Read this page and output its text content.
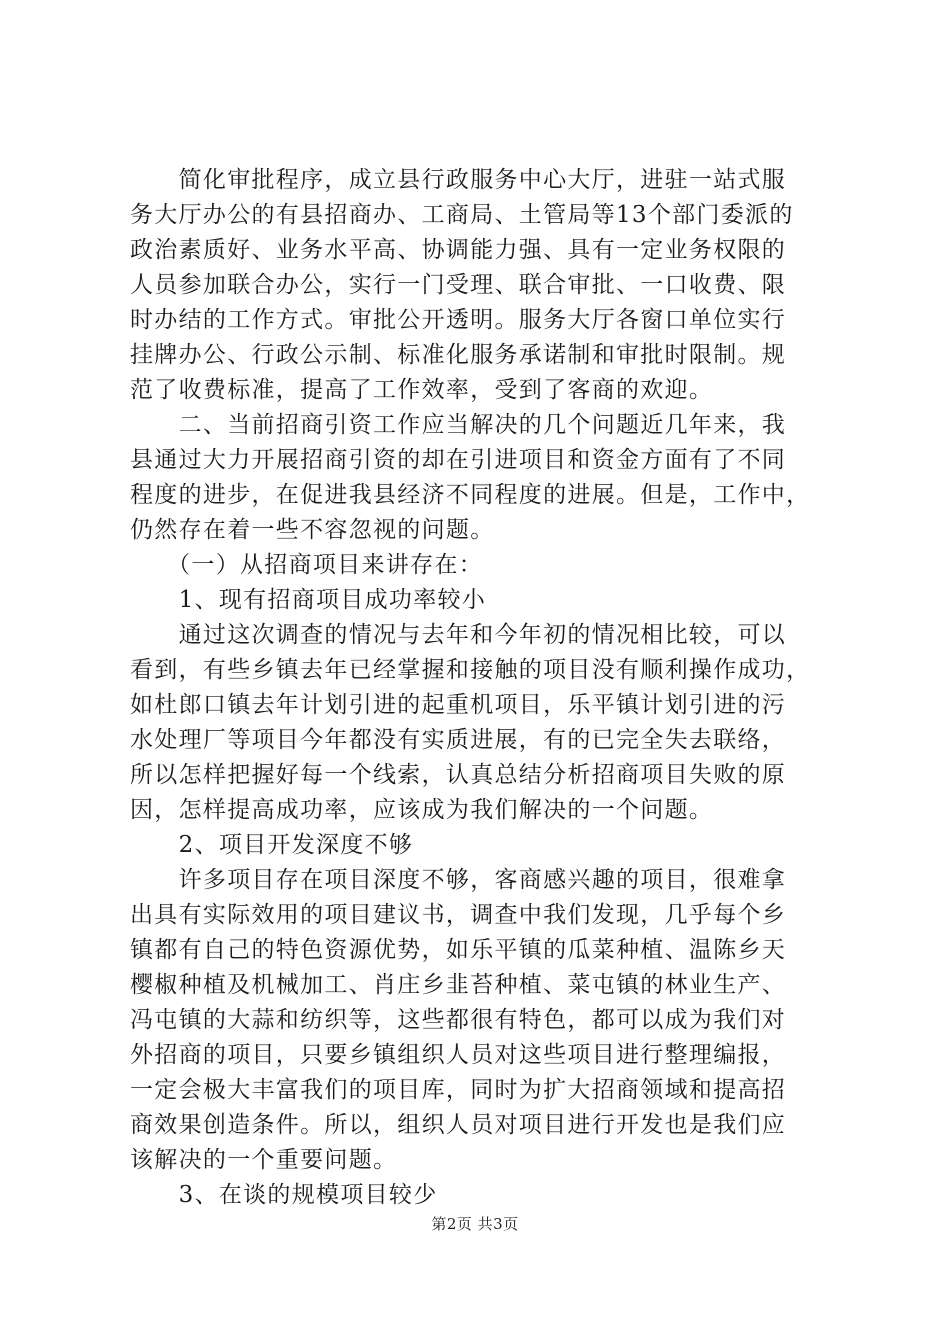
　　简化审批程序，成立县行政服务中心大厅，进驻一站式服
务大厅办公的有县招商办、工商局、土管局等13个部门委派的
政治素质好、业务水平高、协调能力强、具有一定业务权限的
人员参加联合办公，实行一门受理、联合审批、一口收费、限
时办结的工作方式。审批公开透明。服务大厅各窗口单位实行
挂牌办公、行政公示制、标准化服务承诺制和审批时限制。规
范了收费标准，提高了工作效率，受到了客商的欢迎。
　　二、当前招商引资工作应当解决的几个问题近几年来，我
县通过大力开展招商引资的却在引进项目和资金方面有了不同
程度的进步，在促进我县经济不同程度的进展。但是，工作中，
仍然存在着一些不容忽视的问题。
　　（一）从招商项目来讲存在：
　　1、现有招商项目成功率较小
　　通过这次调查的情况与去年和今年初的情况相比较，可以
看到，有些乡镇去年已经掌握和接触的项目没有顺利操作成功，
如杜郎口镇去年计划引进的起重机项目，乐平镇计划引进的污
水处理厂等项目今年都没有实质进展，有的已完全失去联络，
所以怎样把握好每一个线索，认真总结分析招商项目失败的原
因，怎样提高成功率，应该成为我们解决的一个问题。
　　2、项目开发深度不够
　　许多项目存在项目深度不够，客商感兴趣的项目，很难拿
出具有实际效用的项目建议书，调查中我们发现，几乎每个乡
镇都有自己的特色资源优势，如乐平镇的瓜菜种植、温陈乡天
樱椒种植及机械加工、肖庄乡韭苔种植、菜屯镇的林业生产、
冯屯镇的大蒜和纺织等，这些都很有特色，都可以成为我们对
外招商的项目，只要乡镇组织人员对这些项目进行整理编报，
一定会极大丰富我们的项目库，同时为扩大招商领域和提高招
商效果创造条件。所以，组织人员对项目进行开发也是我们应
该解决的一个重要问题。
　　3、在谈的规模项目较少
第2页 共3页
